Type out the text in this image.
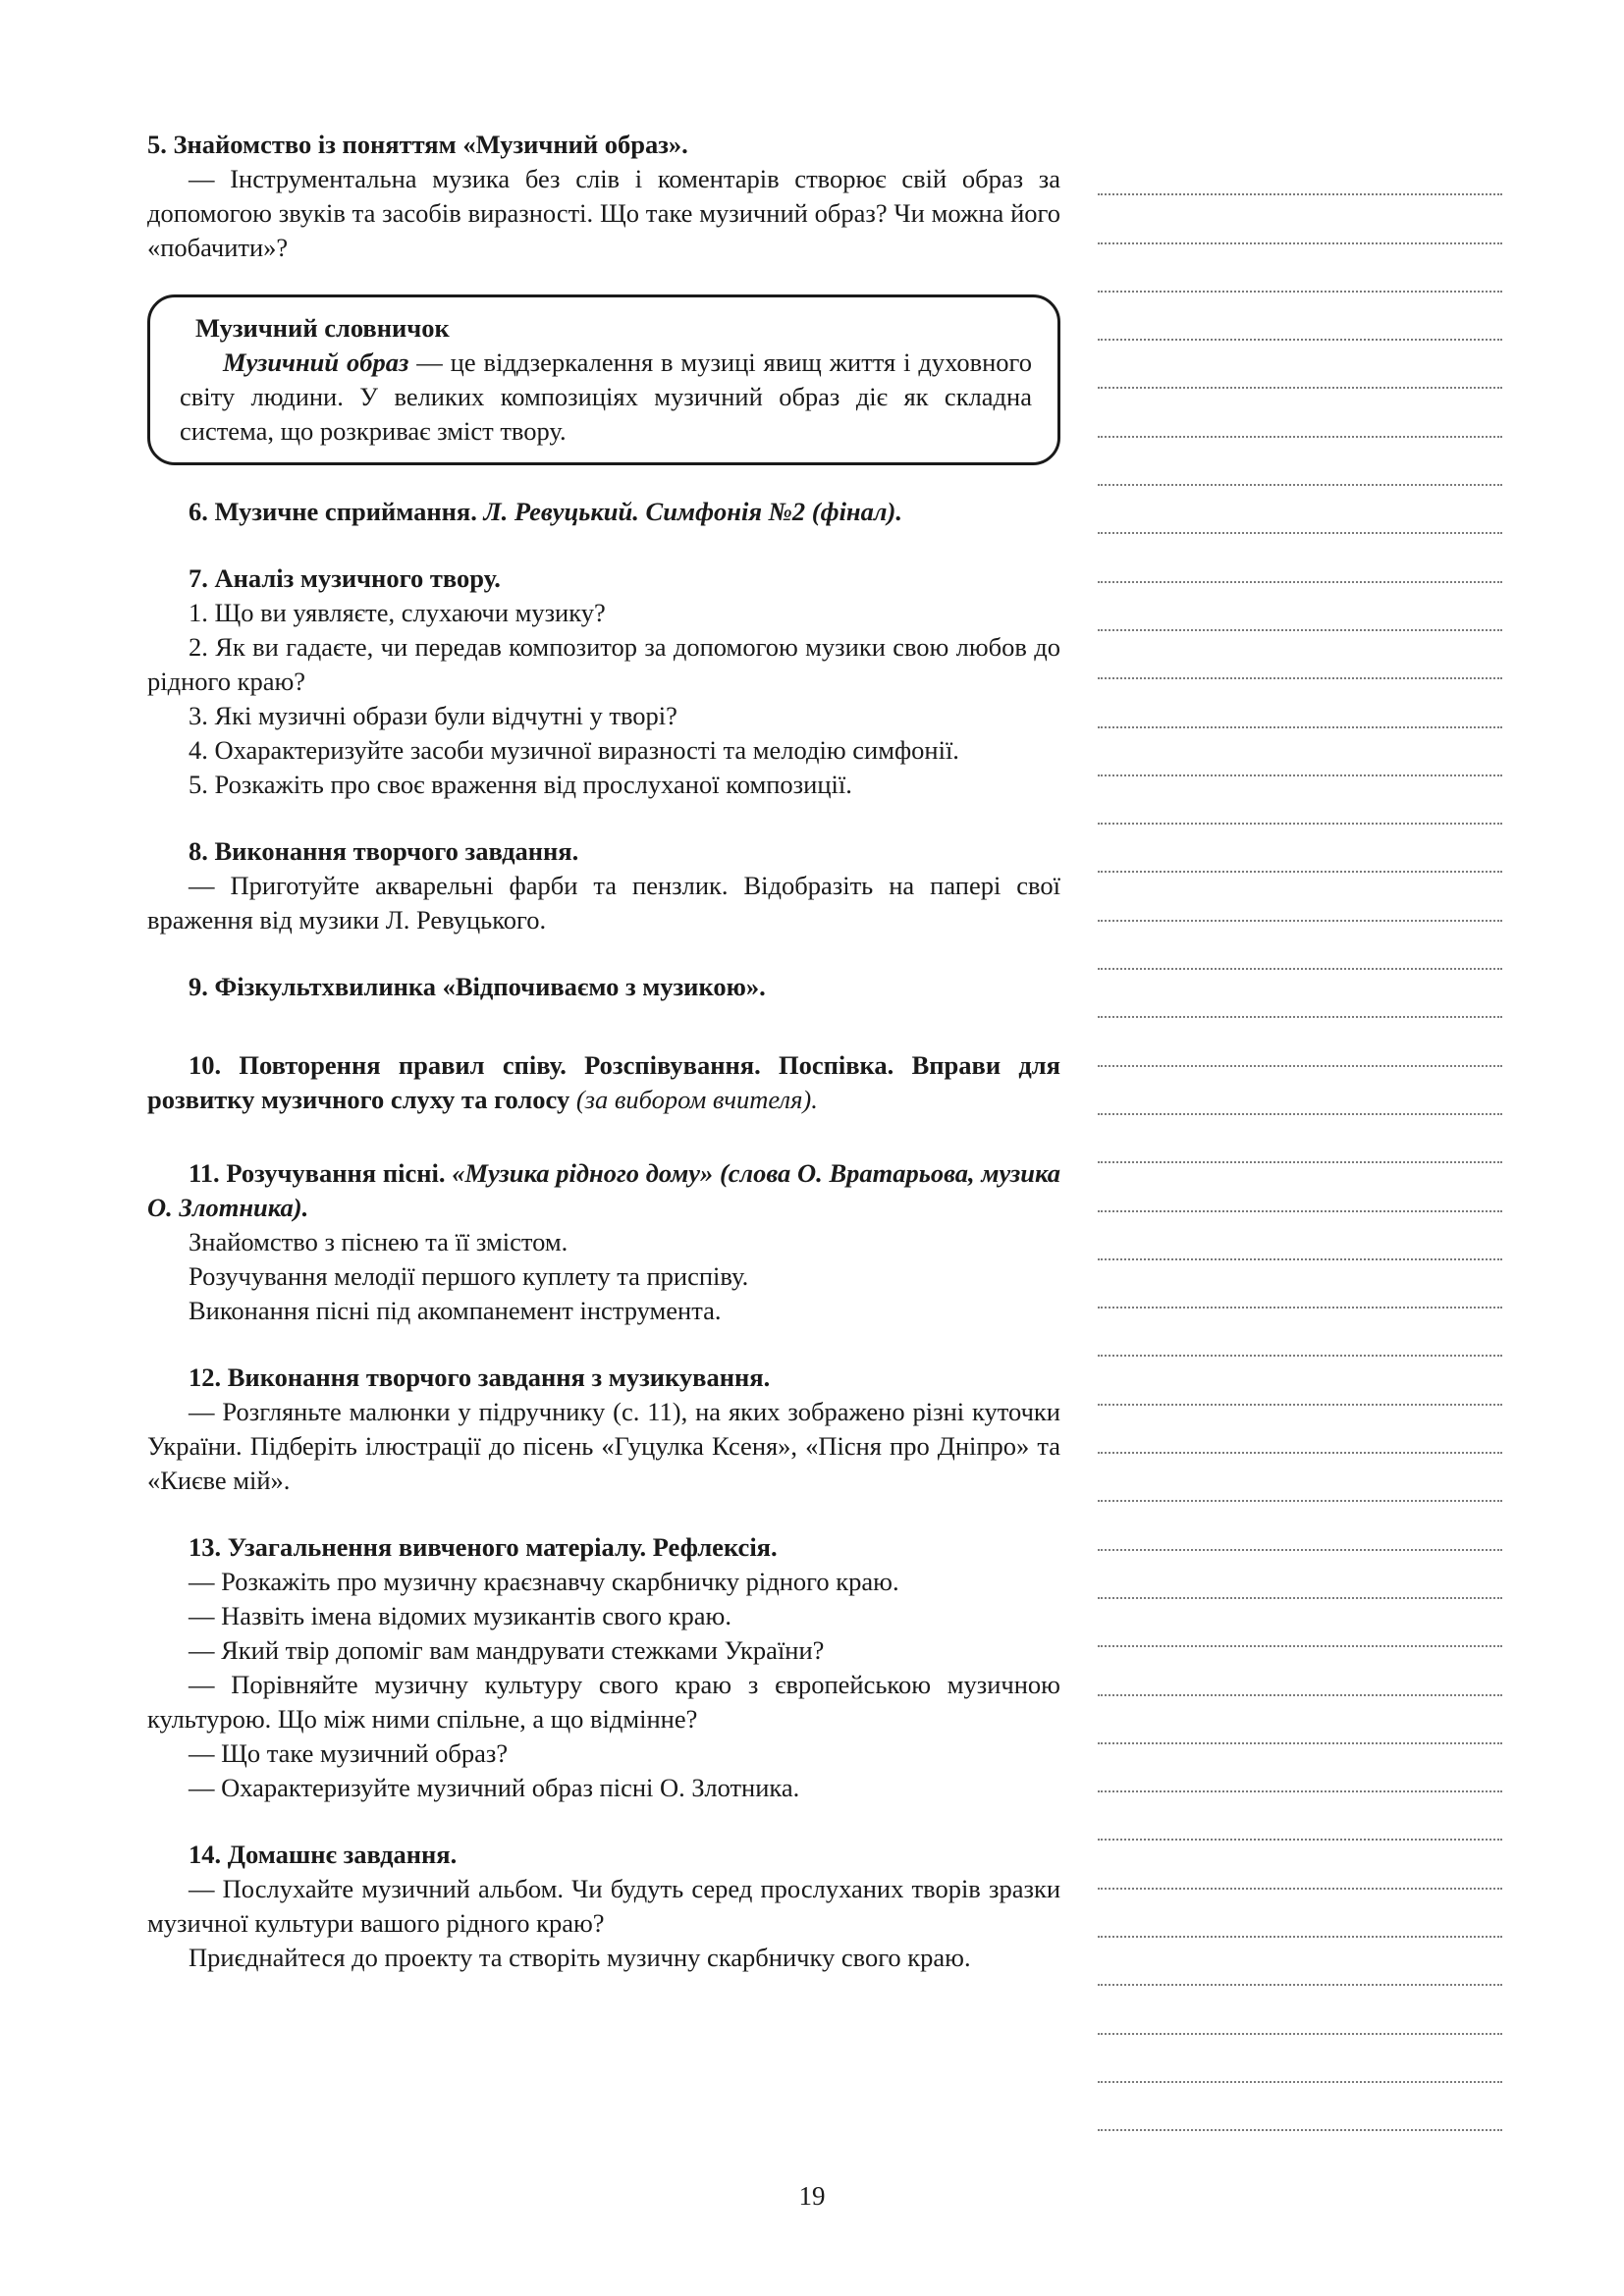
5. Знайомство із поняттям «Музичний образ».

— Інструментальна музика без слів і коментарів створює свій образ за допомогою звуків та засобів виразності. Що таке музичний образ? Чи можна його «побачити»?

Музичний словничок

Музичний образ — це віддзеркалення в музиці явищ життя і духовного світу людини. У великих композиціях музичний образ діє як складна система, що розкриває зміст твору.

6. Музичне сприймання. Л. Ревуцький. Симфонія №2 (фінал).

7. Аналіз музичного твору.

1. Що ви уявляєте, слухаючи музику?

2. Як ви гадаєте, чи передав композитор за допомогою музики свою любов до рідного краю?

3. Які музичні образи були відчутні у творі?

4. Охарактеризуйте засоби музичної виразності та мелодію симфонії.

5. Розкажіть про своє враження від прослуханої композиції.

8. Виконання творчого завдання.

— Приготуйте акварельні фарби та пензлик. Відобразіть на папері свої враження від музики Л. Ревуцького.

9. Фізкультхвилинка «Відпочиваємо з музикою».

10. Повторення правил співу. Розспівування. Поспівка. Вправи для розвитку музичного слуху та голосу (за вибором вчителя).

11. Розучування пісні. «Музика рідного дому» (слова О. Вратарьова, музика О. Злотника).

Знайомство з піснею та її змістом.

Розучування мелодії першого куплету та приспіву.

Виконання пісні під акомпанемент інструмента.

12. Виконання творчого завдання з музикування.

— Розгляньте малюнки у підручнику (с. 11), на яких зображено різні куточки України. Підберіть ілюстрації до пісень «Гуцулка Ксеня», «Пісня про Дніпро» та «Києве мій».

13. Узагальнення вивченого матеріалу. Рефлексія.

— Розкажіть про музичну краєзнавчу скарбничку рідного краю.

— Назвіть імена відомих музикантів свого краю.

— Який твір допоміг вам мандрувати стежками України?

— Порівняйте музичну культуру свого краю з європейською музичною культурою. Що між ними спільне, а що відмінне?

— Що таке музичний образ?

— Охарактеризуйте музичний образ пісні О. Злотника.

14. Домашнє завдання.

— Послухайте музичний альбом. Чи будуть серед прослуханих творів зразки музичної культури вашого рідного краю?

Приєднайтеся до проекту та створіть музичну скарбничку свого краю.

19
